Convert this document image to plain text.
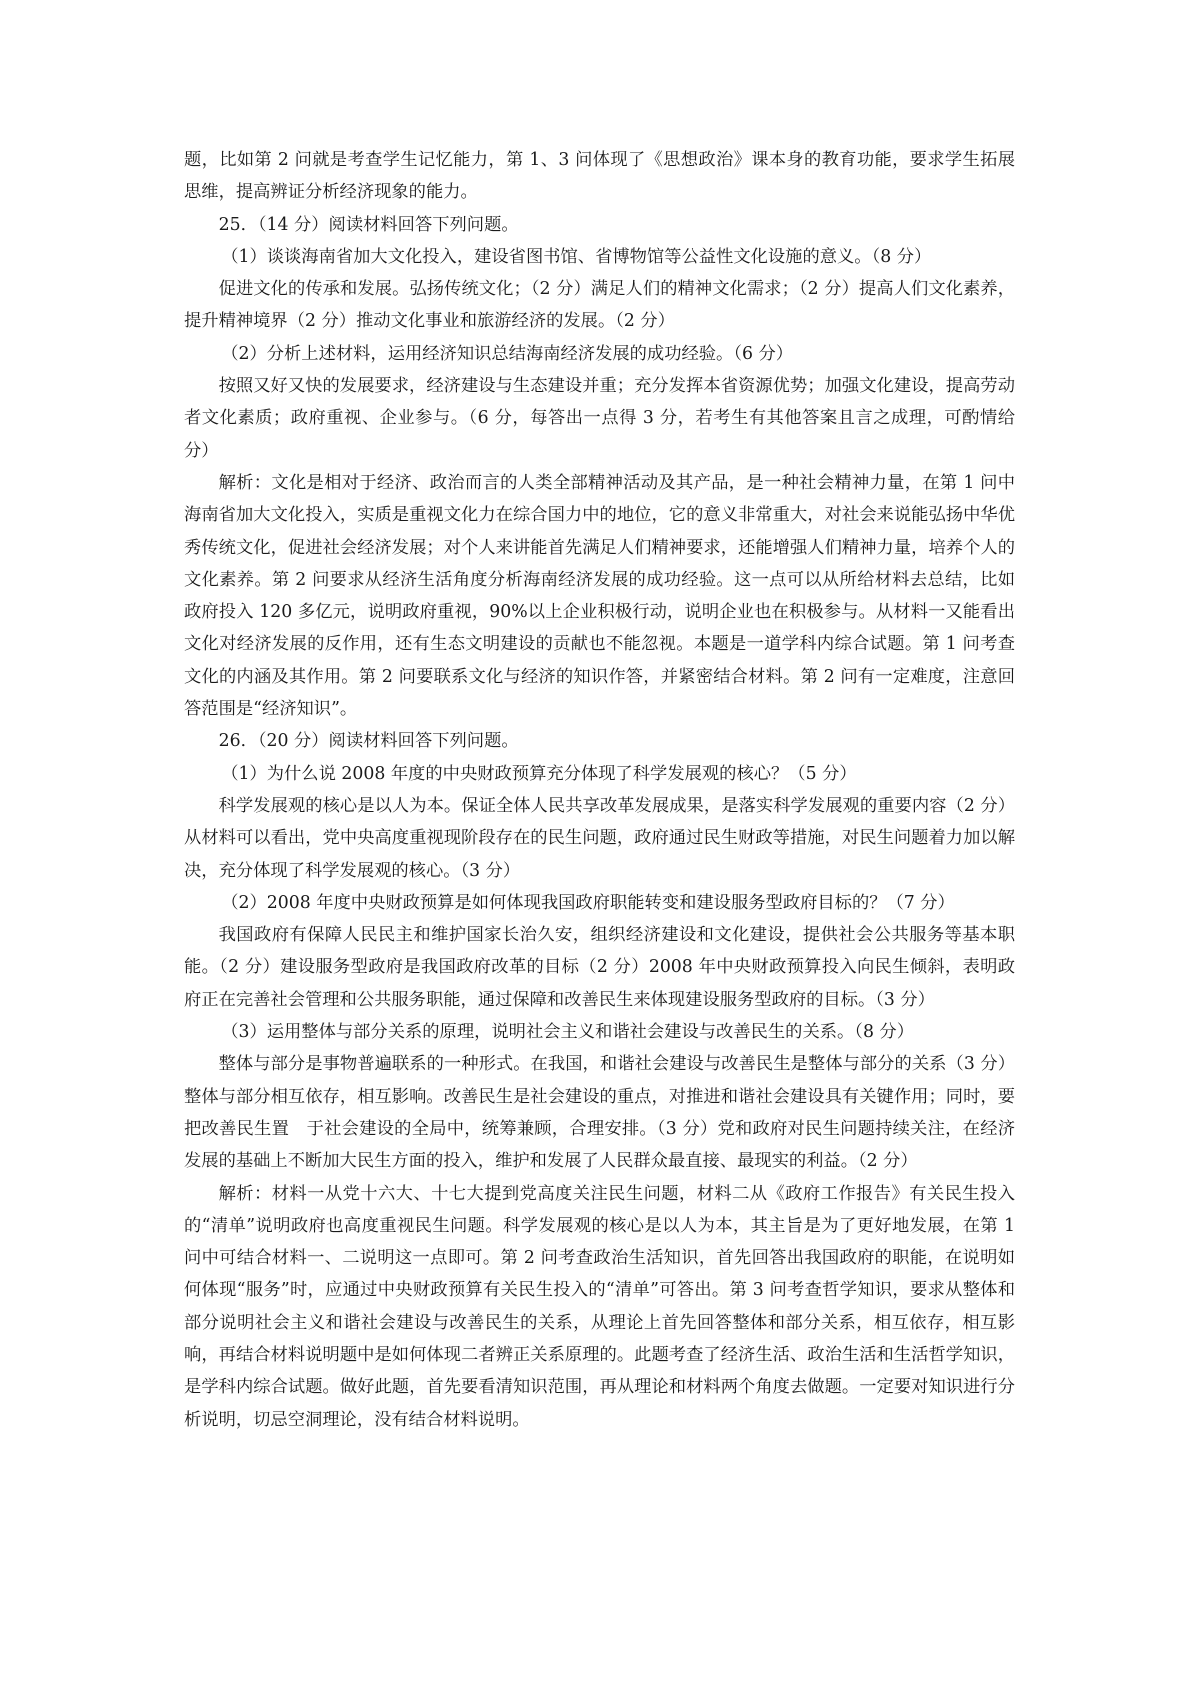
题，比如第 2 问就是考查学生记忆能力，第 1、3 问体现了《思想政治》课本身的教育功能，要求学生拓展思维，提高辨证分析经济现象的能力。

25．（14 分）阅读材料回答下列问题。

（1）谈谈海南省加大文化投入，建设省图书馆、省博物馆等公益性文化设施的意义。（8 分）

促进文化的传承和发展。弘扬传统文化；（2 分）满足人们的精神文化需求；（2 分）提高人们文化素养，提升精神境界（2 分）推动文化事业和旅游经济的发展。（2 分）

（2）分析上述材料，运用经济知识总结海南经济发展的成功经验。（6 分）

按照又好又快的发展要求，经济建设与生态建设并重；充分发挥本省资源优势；加强文化建设，提高劳动者文化素质；政府重视、企业参与。（6 分，每答出一点得 3 分，若考生有其他答案且言之成理，可酌情给分）

解析：文化是相对于经济、政治而言的人类全部精神活动及其产品，是一种社会精神力量，在第 1 问中海南省加大文化投入，实质是重视文化力在综合国力中的地位，它的意义非常重大，对社会来说能弘扬中华优秀传统文化，促进社会经济发展；对个人来讲能首先满足人们精神要求，还能增强人们精神力量，培养个人的文化素养。第 2 问要求从经济生活角度分析海南经济发展的成功经验。这一点可以从所给材料去总结，比如政府投入 120 多亿元，说明政府重视，90%以上企业积极行动，说明企业也在积极参与。从材料一又能看出文化对经济发展的反作用，还有生态文明建设的贡献也不能忽视。本题是一道学科内综合试题。第 1 问考查文化的内涵及其作用。第 2 问要联系文化与经济的知识作答，并紧密结合材料。第 2 问有一定难度，注意回答范围是“经济知识”。

26．（20 分）阅读材料回答下列问题。

（1）为什么说 2008 年度的中央财政预算充分体现了科学发展观的核心？（5 分）

科学发展观的核心是以人为本。保证全体人民共享改革发展成果，是落实科学发展观的重要内容（2 分）从材料可以看出，党中央高度重视现阶段存在的民生问题，政府通过民生财政等措施，对民生问题着力加以解决，充分体现了科学发展观的核心。（3 分）

（2）2008 年度中央财政预算是如何体现我国政府职能转变和建设服务型政府目标的？（7 分）

我国政府有保障人民民主和维护国家长治久安，组织经济建设和文化建设，提供社会公共服务等基本职能。（2 分）建设服务型政府是我国政府改革的目标（2 分）2008 年中央财政预算投入向民生倾斜，表明政府正在完善社会管理和公共服务职能，通过保障和改善民生来体现建设服务型政府的目标。（3 分）

（3）运用整体与部分关系的原理，说明社会主义和谐社会建设与改善民生的关系。（8 分）

整体与部分是事物普遍联系的一种形式。在我国，和谐社会建设与改善民生是整体与部分的关系（3 分）整体与部分相互依存，相互影响。改善民生是社会建设的重点，对推进和谐社会建设具有关键作用；同时，要把改善民生置　于社会建设的全局中，统筹兼顾，合理安排。（3 分）党和政府对民生问题持续关注，在经济发展的基础上不断加大民生方面的投入，维护和发展了人民群众最直接、最现实的利益。（2 分）

解析：材料一从党十六大、十七大提到党高度关注民生问题，材料二从《政府工作报告》有关民生投入的“清单”说明政府也高度重视民生问题。科学发展观的核心是以人为本，其主旨是为了更好地发展，在第 1 问中可结合材料一、二说明这一点即可。第 2 问考查政治生活知识，首先回答出我国政府的职能，在说明如何体现“服务”时，应通过中央财政预算有关民生投入的“清单”可答出。第 3 问考查哲学知识，要求从整体和部分说明社会主义和谐社会建设与改善民生的关系，从理论上首先回答整体和部分关系，相互依存，相互影响，再结合材料说明题中是如何体现二者辨正关系原理的。此题考查了经济生活、政治生活和生活哲学知识，是学科内综合试题。做好此题，首先要看清知识范围，再从理论和材料两个角度去做题。一定要对知识进行分析说明，切忌空洞理论，没有结合材料说明。
